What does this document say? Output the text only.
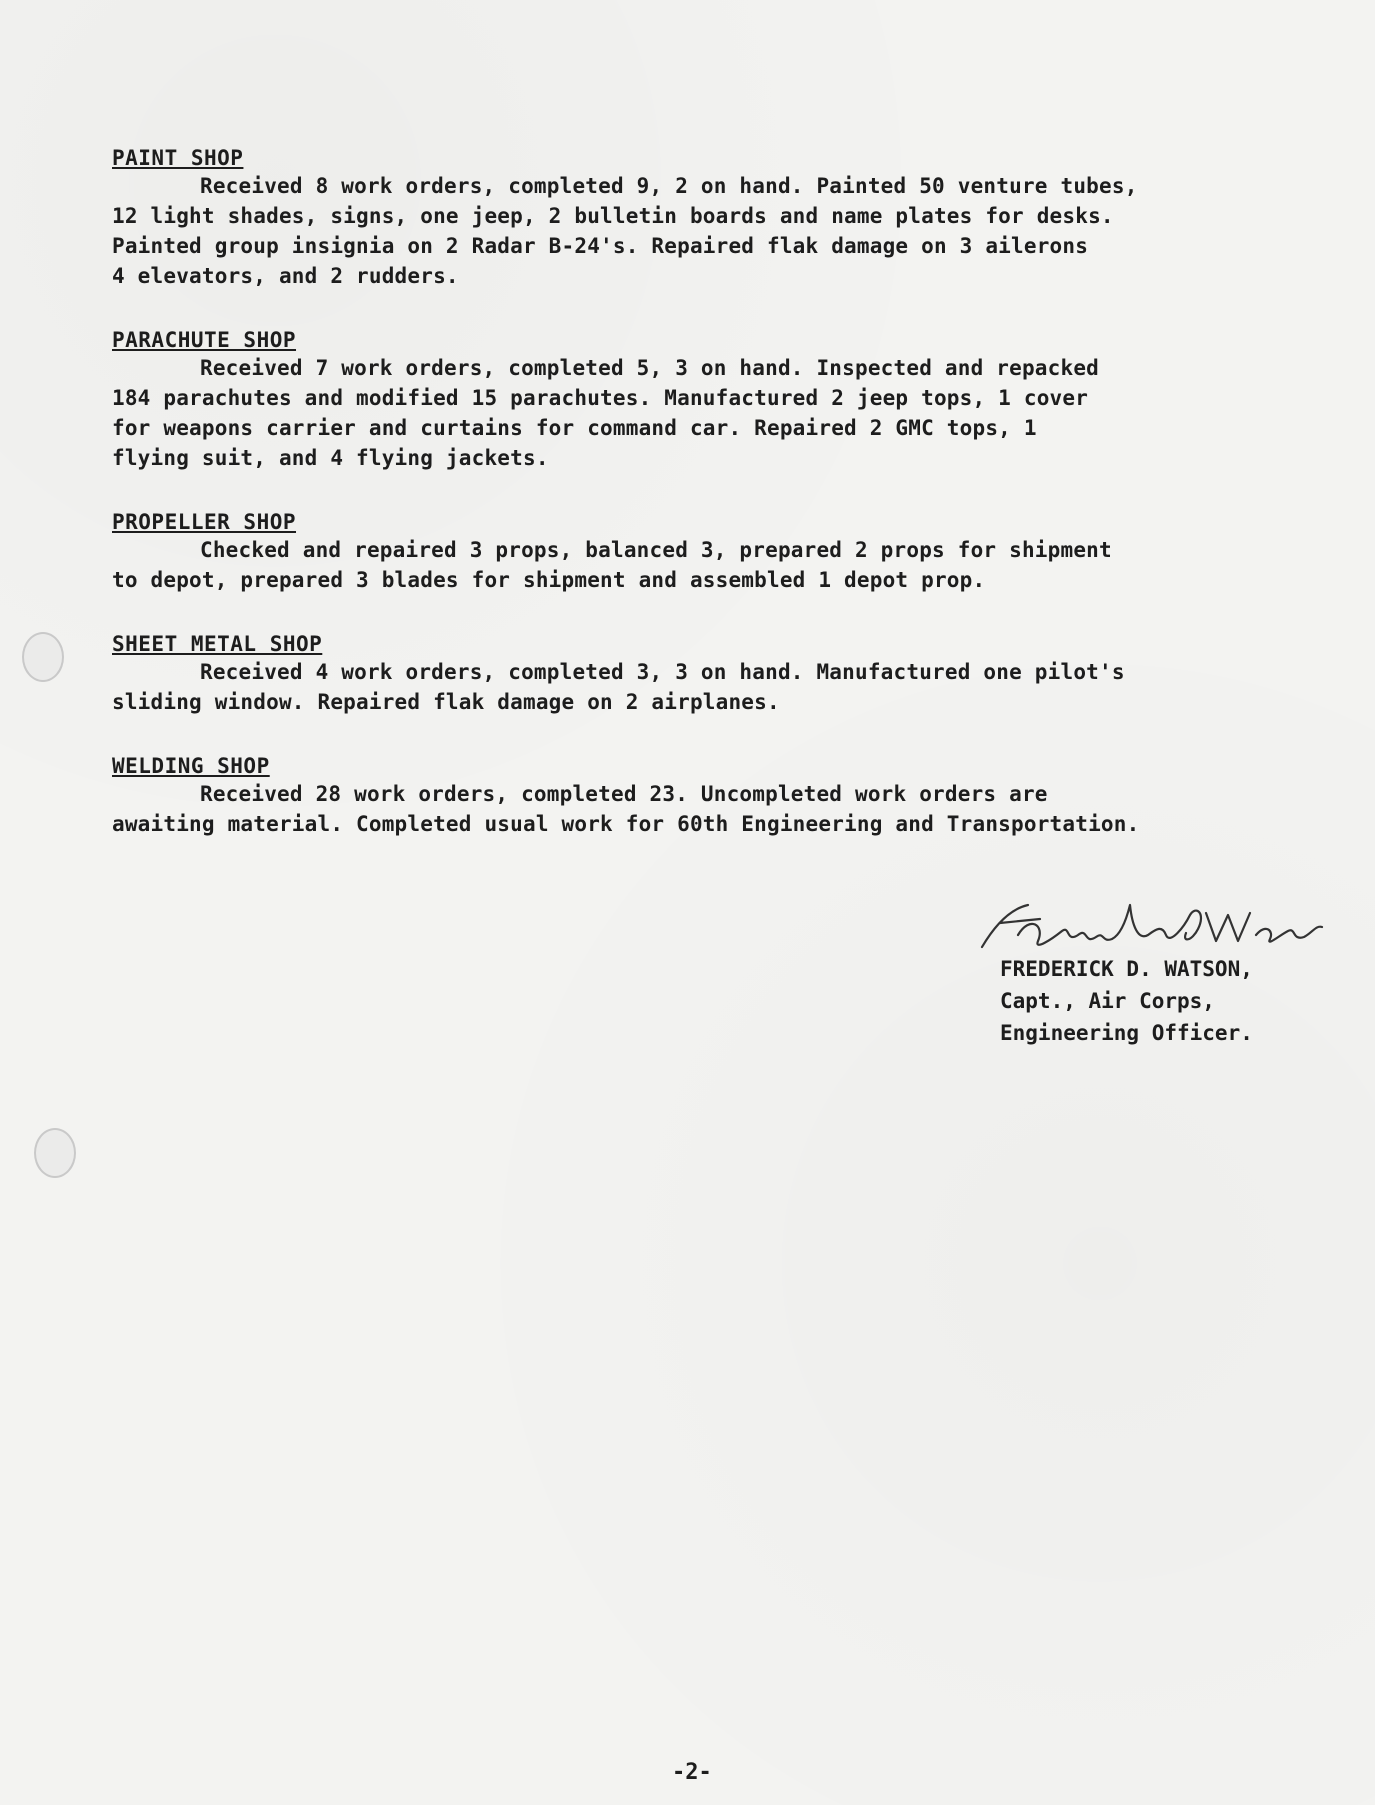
PAINT SHOP
Received 8 work orders, completed 9, 2 on hand. Painted 50 venture tubes,
12 light shades, signs, one jeep, 2 bulletin boards and name plates for desks.
Painted group insignia on 2 Radar B-24's. Repaired flak damage on 3 ailerons
4 elevators, and 2 rudders.
PARACHUTE SHOP
Received 7 work orders, completed 5, 3 on hand. Inspected and repacked
184 parachutes and modified 15 parachutes. Manufactured 2 jeep tops, 1 cover
for weapons carrier and curtains for command car. Repaired 2 GMC tops, 1
flying suit, and 4 flying jackets.
PROPELLER SHOP
Checked and repaired 3 props, balanced 3, prepared 2 props for shipment
to depot, prepared 3 blades for shipment and assembled 1 depot prop.
SHEET METAL SHOP
Received 4 work orders, completed 3, 3 on hand. Manufactured one pilot's
sliding window. Repaired flak damage on 2 airplanes.
WELDING SHOP
Received 28 work orders, completed 23. Uncompleted work orders are
awaiting material. Completed usual work for 60th Engineering and Transportation.
FREDERICK D. WATSON,
Capt., Air Corps,
Engineering Officer.
-2-
